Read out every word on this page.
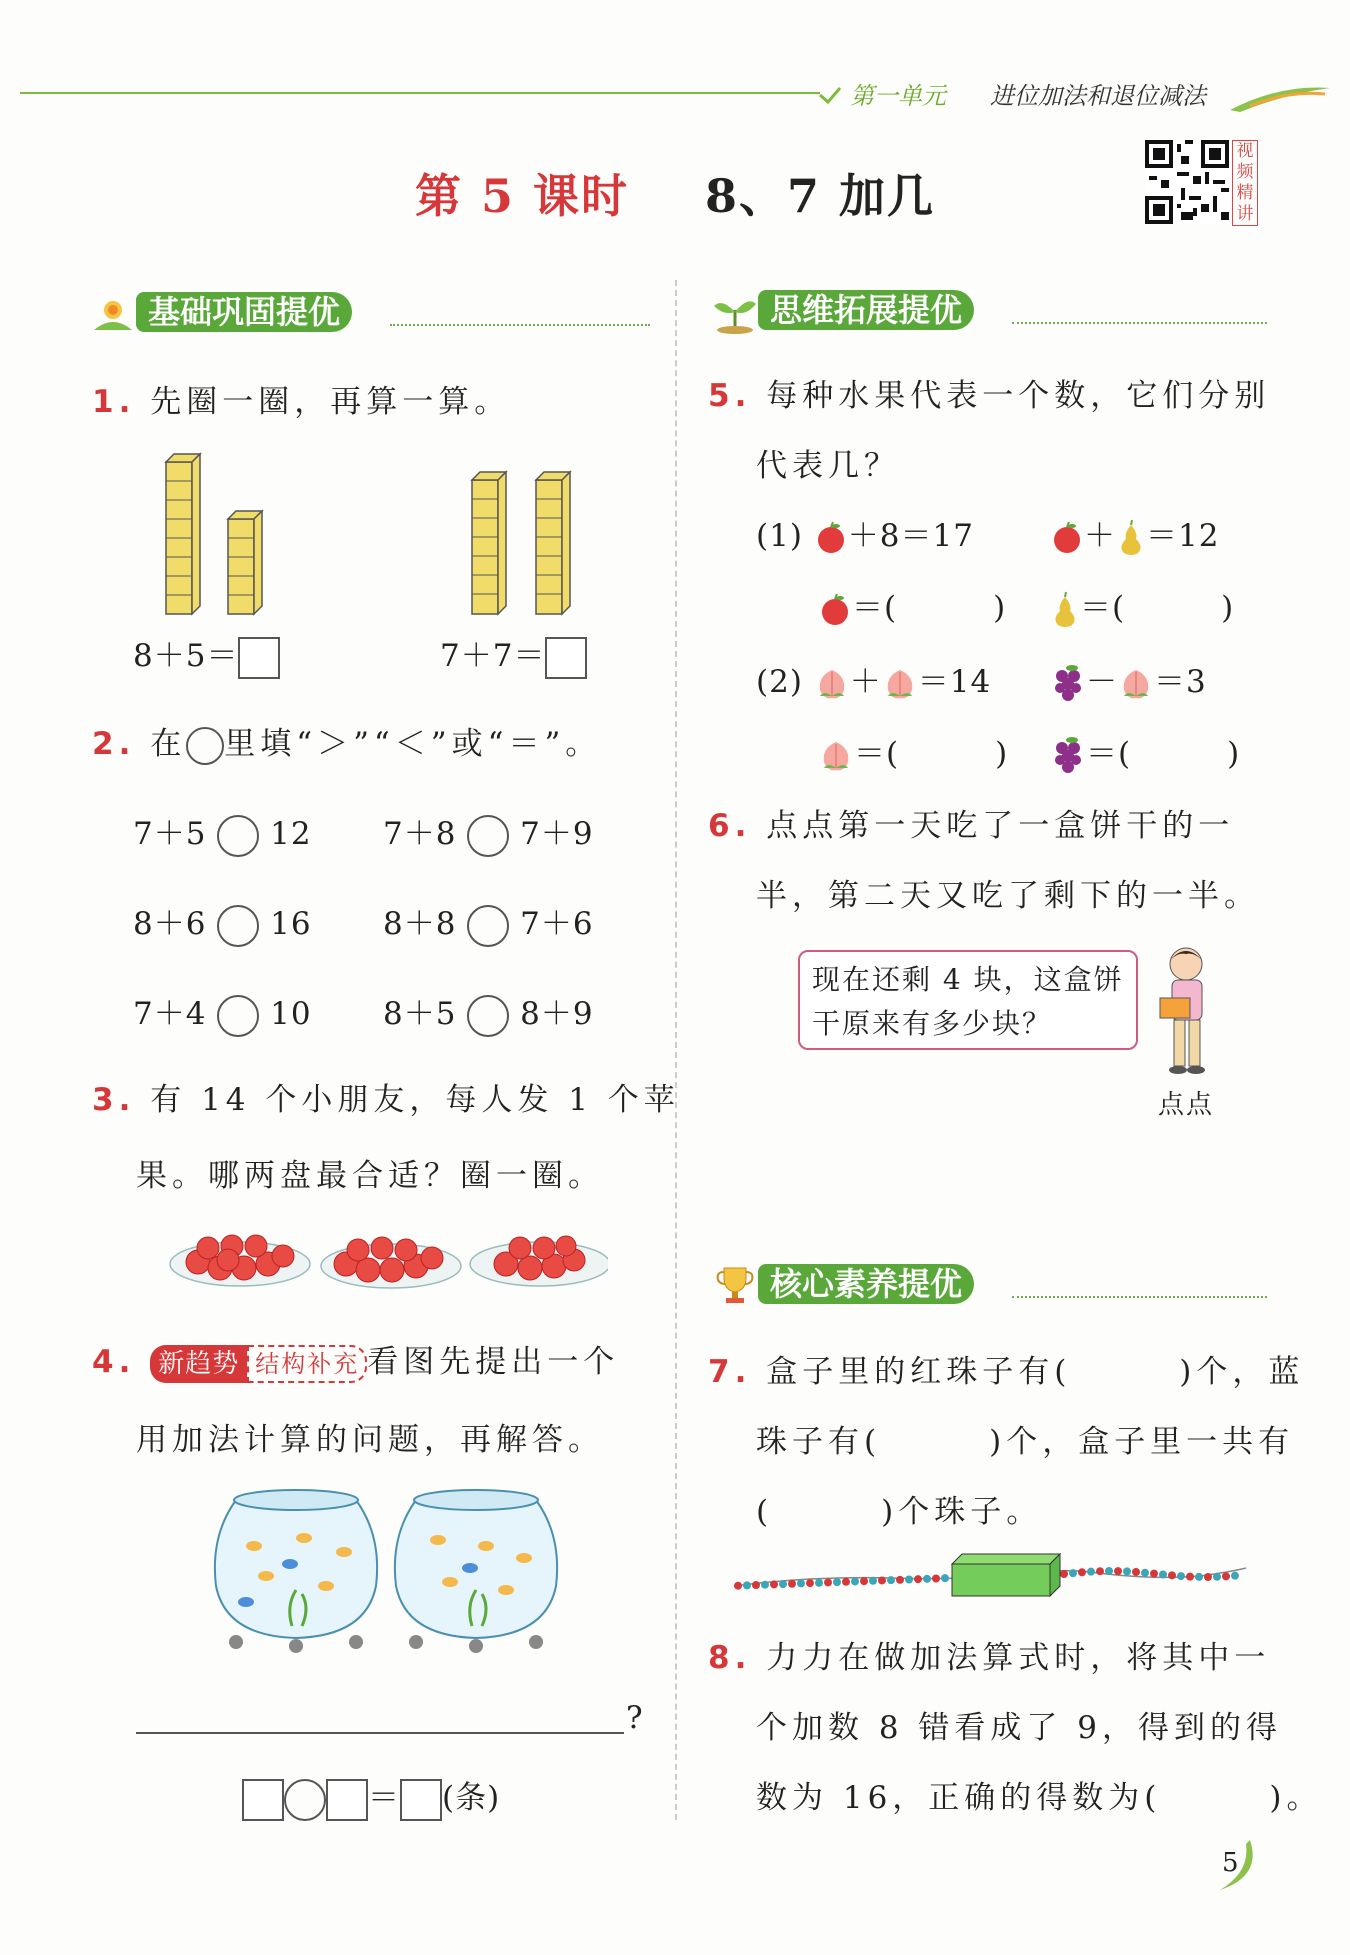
第一单元 进位加法和退位减法
第 5 课时 8、7 加几
视频精讲
基础巩固提优
1. 先圈一圈，再算一算。
8＋5＝	7＋7＝
2. 在 里填“＞”“＜”或“＝”。
7＋5 12 7＋8 7＋9
8＋6 16 8＋8 7＋6
7＋4 10 8＋5 8＋9
3. 有 14 个小朋友，每人发 1 个苹
果。哪两盘最合适？圈一圈。
4. 新趋势 结构补充 看图先提出一个
用加法计算的问题，再解答。
?
＝ (条)
思维拓展提优
5. 每种水果代表一个数，它们分别
代表几？
(1) ＋8＝17	＋ ＝12
＝(　　　)	＝(　　　)
(2) ＋ ＝14	－ ＝3
＝(　　　)	＝(　　　)
6. 点点第一天吃了一盒饼干的一
半，第二天又吃了剩下的一半。
现在还剩 4 块，这盒饼
干原来有多少块？
点点
核心素养提优
7. 盒子里的红珠子有(　　　)个，蓝
珠子有(　　　)个，盒子里一共有
(　　　)个珠子。
8. 力力在做加法算式时，将其中一
个加数 8 错看成了 9，得到的得
数为 16，正确的得数为(　　　)。
5
